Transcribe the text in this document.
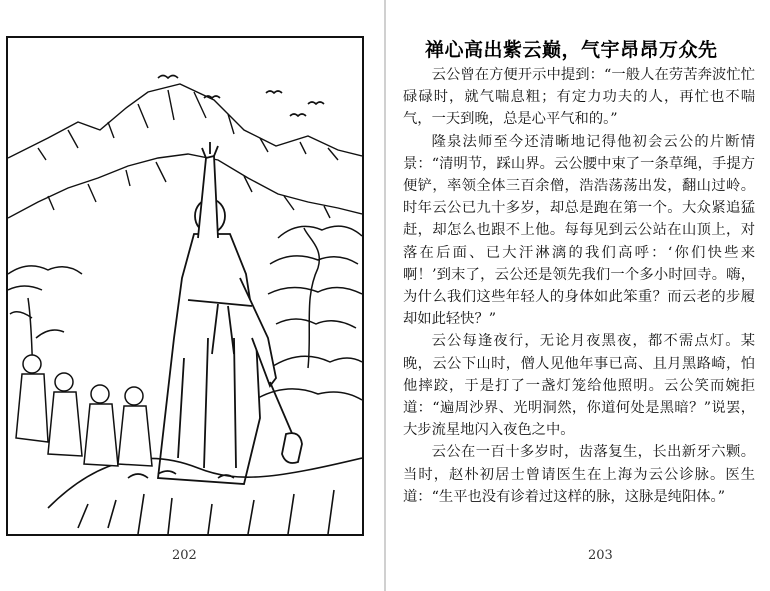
202
禅心高出紫云巅，气宇昂昂万众先

云公曾在方便开示中提到：“一般人在劳苦奔波忙忙碌碌时，就气喘息粗；有定力功夫的人，再忙也不喘气，一天到晚，总是心平气和的。”

隆泉法师至今还清晰地记得他初会云公的片断情景：“清明节，踩山界。云公腰中束了一条草绳，手提方便铲，率领全体三百余僧，浩浩荡荡出发，翻山过岭。时年云公已九十多岁，却总是跑在第一个。大众紧追猛赶，却怎么也跟不上他。每每见到云公站在山顶上，对落在后面、已大汗淋漓的我们高呼：‘你们快些来啊！’到末了，云公还是领先我们一个多小时回寺。嗨，为什么我们这些年轻人的身体如此笨重？而云老的步履却如此轻快？”

云公每逢夜行，无论月夜黑夜，都不需点灯。某晚，云公下山时，僧人见他年事已高、且月黑路崎，怕他摔跤，于是打了一盏灯笼给他照明。云公笑而婉拒道：“遍周沙界、光明洞然，你道何处是黑暗？”说罢，大步流星地闪入夜色之中。

云公在一百十多岁时，齿落复生，长出新牙六颗。当时，赵朴初居士曾请医生在上海为云公诊脉。医生道：“生平也没有诊着过这样的脉，这脉是纯阳体。”

203
